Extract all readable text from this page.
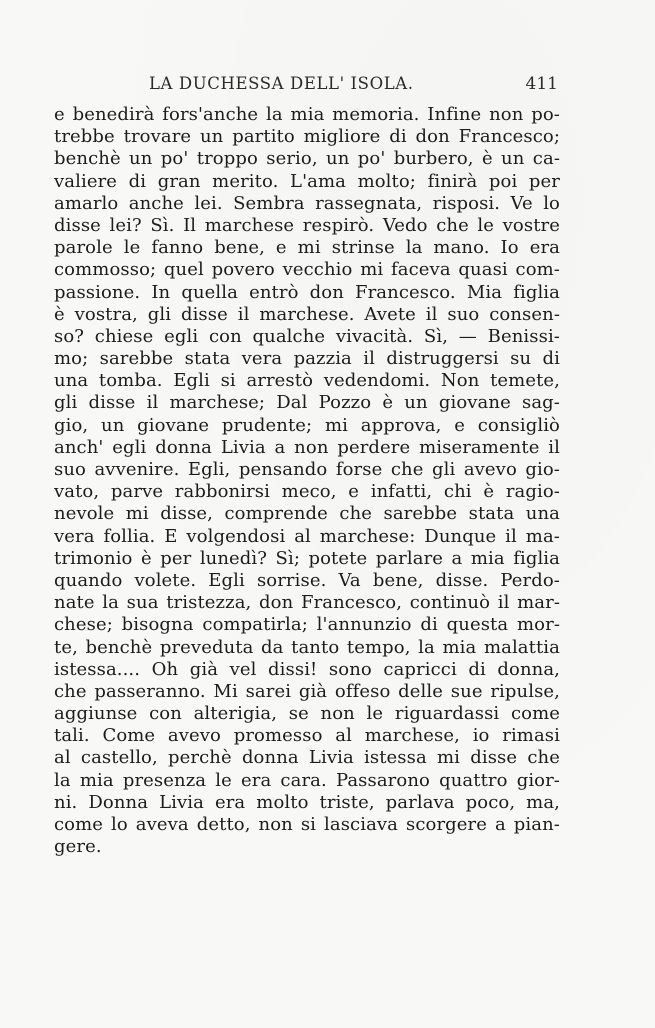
LA DUCHESSA DELL' ISOLA.	411
e benedirà fors'anche la mia memoria. Infine non po-
trebbe trovare un partito migliore di don Francesco;
benchè un po' troppo serio, un po' burbero, è un ca-
valiere di gran merito. L'ama molto; finirà poi per
amarlo anche lei. Sembra rassegnata, risposi. Ve lo
disse lei? Sì. Il marchese respirò. Vedo che le vostre
parole le fanno bene, e mi strinse la mano. Io era
commosso; quel povero vecchio mi faceva quasi com-
passione. In quella entrò don Francesco. Mia figlia
è vostra, gli disse il marchese. Avete il suo consen-
so? chiese egli con qualche vivacità. Sì, — Benissi-
mo; sarebbe stata vera pazzia il distruggersi su di
una tomba. Egli si arrestò vedendomi. Non temete,
gli disse il marchese; Dal Pozzo è un giovane sag-
gio, un giovane prudente; mi approva, e consigliò
anch' egli donna Livia a non perdere miseramente il
suo avvenire. Egli, pensando forse che gli avevo gio-
vato, parve rabbonirsi meco, e infatti, chi è ragio-
nevole mi disse, comprende che sarebbe stata una
vera follia. E volgendosi al marchese: Dunque il ma-
trimonio è per lunedì? Sì; potete parlare a mia figlia
quando volete. Egli sorrise. Va bene, disse. Perdo-
nate la sua tristezza, don Francesco, continuò il mar-
chese; bisogna compatirla; l'annunzio di questa mor-
te, benchè preveduta da tanto tempo, la mia malattia
istessa.... Oh già vel dissi! sono capricci di donna,
che passeranno. Mi sarei già offeso delle sue ripulse,
aggiunse con alterigia, se non le riguardassi come
tali. Come avevo promesso al marchese, io rimasi
al castello, perchè donna Livia istessa mi disse che
la mia presenza le era cara. Passarono quattro gior-
ni. Donna Livia era molto triste, parlava poco, ma,
come lo aveva detto, non si lasciava scorgere a pian-
gere.
